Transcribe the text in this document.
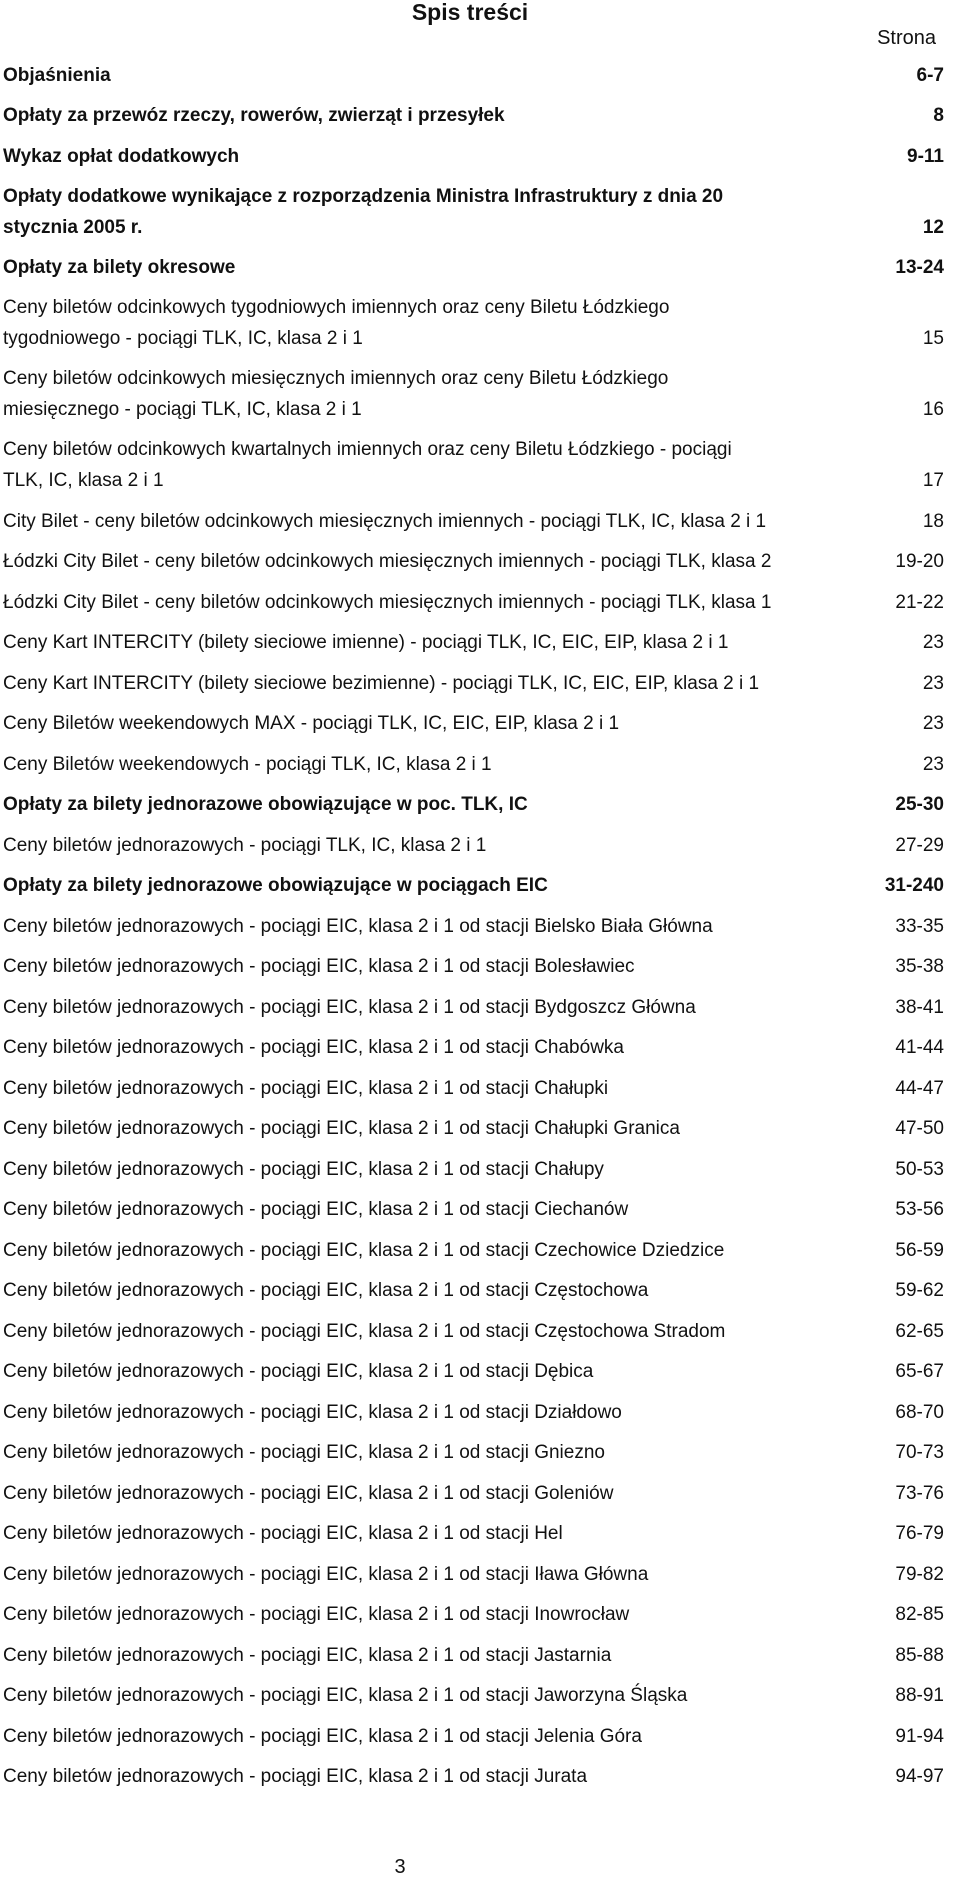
Spis treści
Strona
Objaśnienia	6-7
Opłaty za przewóz rzeczy, rowerów, zwierząt i przesyłek	8
Wykaz opłat dodatkowych	9-11
Opłaty dodatkowe wynikające z rozporządzenia Ministra Infrastruktury z dnia 20 stycznia 2005 r.	12
Opłaty za bilety okresowe	13-24
Ceny biletów odcinkowych tygodniowych imiennych oraz ceny Biletu Łódzkiego tygodniowego - pociągi TLK, IC, klasa 2 i 1	15
Ceny biletów odcinkowych miesięcznych imiennych oraz ceny Biletu Łódzkiego miesięcznego - pociągi TLK, IC, klasa 2 i 1	16
Ceny biletów odcinkowych kwartalnych imiennych oraz ceny Biletu Łódzkiego - pociągi TLK, IC, klasa 2 i 1	17
City Bilet - ceny biletów odcinkowych miesięcznych imiennych - pociągi TLK, IC, klasa 2 i 1	18
Łódzki City Bilet - ceny biletów odcinkowych miesięcznych imiennych - pociągi TLK, klasa 2	19-20
Łódzki City Bilet - ceny biletów odcinkowych miesięcznych imiennych - pociągi TLK, klasa 1	21-22
Ceny Kart INTERCITY (bilety sieciowe imienne) - pociągi TLK, IC, EIC, EIP, klasa 2 i 1	23
Ceny Kart INTERCITY (bilety sieciowe bezimienne) - pociągi TLK, IC, EIC, EIP, klasa 2 i 1	23
Ceny Biletów weekendowych MAX - pociągi TLK, IC, EIC, EIP, klasa 2 i 1	23
Ceny Biletów weekendowych - pociągi TLK, IC, klasa 2 i 1	23
Opłaty za bilety jednorazowe obowiązujące w poc. TLK, IC	25-30
Ceny biletów jednorazowych - pociągi TLK, IC, klasa 2 i 1	27-29
Opłaty za bilety jednorazowe obowiązujące w pociągach EIC	31-240
Ceny biletów jednorazowych - pociągi EIC, klasa 2 i 1 od stacji Bielsko Biała Główna	33-35
Ceny biletów jednorazowych - pociągi EIC, klasa 2 i 1 od stacji Bolesławiec	35-38
Ceny biletów jednorazowych - pociągi EIC, klasa 2 i 1 od stacji Bydgoszcz Główna	38-41
Ceny biletów jednorazowych - pociągi EIC, klasa 2 i 1 od stacji Chabówka	41-44
Ceny biletów jednorazowych - pociągi EIC, klasa 2 i 1 od stacji Chałupki	44-47
Ceny biletów jednorazowych - pociągi EIC, klasa 2 i 1 od stacji Chałupki Granica	47-50
Ceny biletów jednorazowych - pociągi EIC, klasa 2 i 1 od stacji Chałupy	50-53
Ceny biletów jednorazowych - pociągi EIC, klasa 2 i 1 od stacji Ciechanów	53-56
Ceny biletów jednorazowych - pociągi EIC, klasa 2 i 1 od stacji Czechowice Dziedzice	56-59
Ceny biletów jednorazowych - pociągi EIC, klasa 2 i 1 od stacji Częstochowa	59-62
Ceny biletów jednorazowych - pociągi EIC, klasa 2 i 1 od stacji Częstochowa Stradom	62-65
Ceny biletów jednorazowych - pociągi EIC, klasa 2 i 1 od stacji Dębica	65-67
Ceny biletów jednorazowych - pociągi EIC, klasa 2 i 1 od stacji Działdowo	68-70
Ceny biletów jednorazowych - pociągi EIC, klasa 2 i 1 od stacji Gniezno	70-73
Ceny biletów jednorazowych - pociągi EIC, klasa 2 i 1 od stacji Goleniów	73-76
Ceny biletów jednorazowych - pociągi EIC, klasa 2 i 1 od stacji Hel	76-79
Ceny biletów jednorazowych - pociągi EIC, klasa 2 i 1 od stacji Iława Główna	79-82
Ceny biletów jednorazowych - pociągi EIC, klasa 2 i 1 od stacji Inowrocław	82-85
Ceny biletów jednorazowych - pociągi EIC, klasa 2 i 1 od stacji Jastarnia	85-88
Ceny biletów jednorazowych - pociągi EIC, klasa 2 i 1 od stacji Jaworzyna Śląska	88-91
Ceny biletów jednorazowych - pociągi EIC, klasa 2 i 1 od stacji Jelenia Góra	91-94
Ceny biletów jednorazowych - pociągi EIC, klasa 2 i 1 od stacji Jurata	94-97
3
